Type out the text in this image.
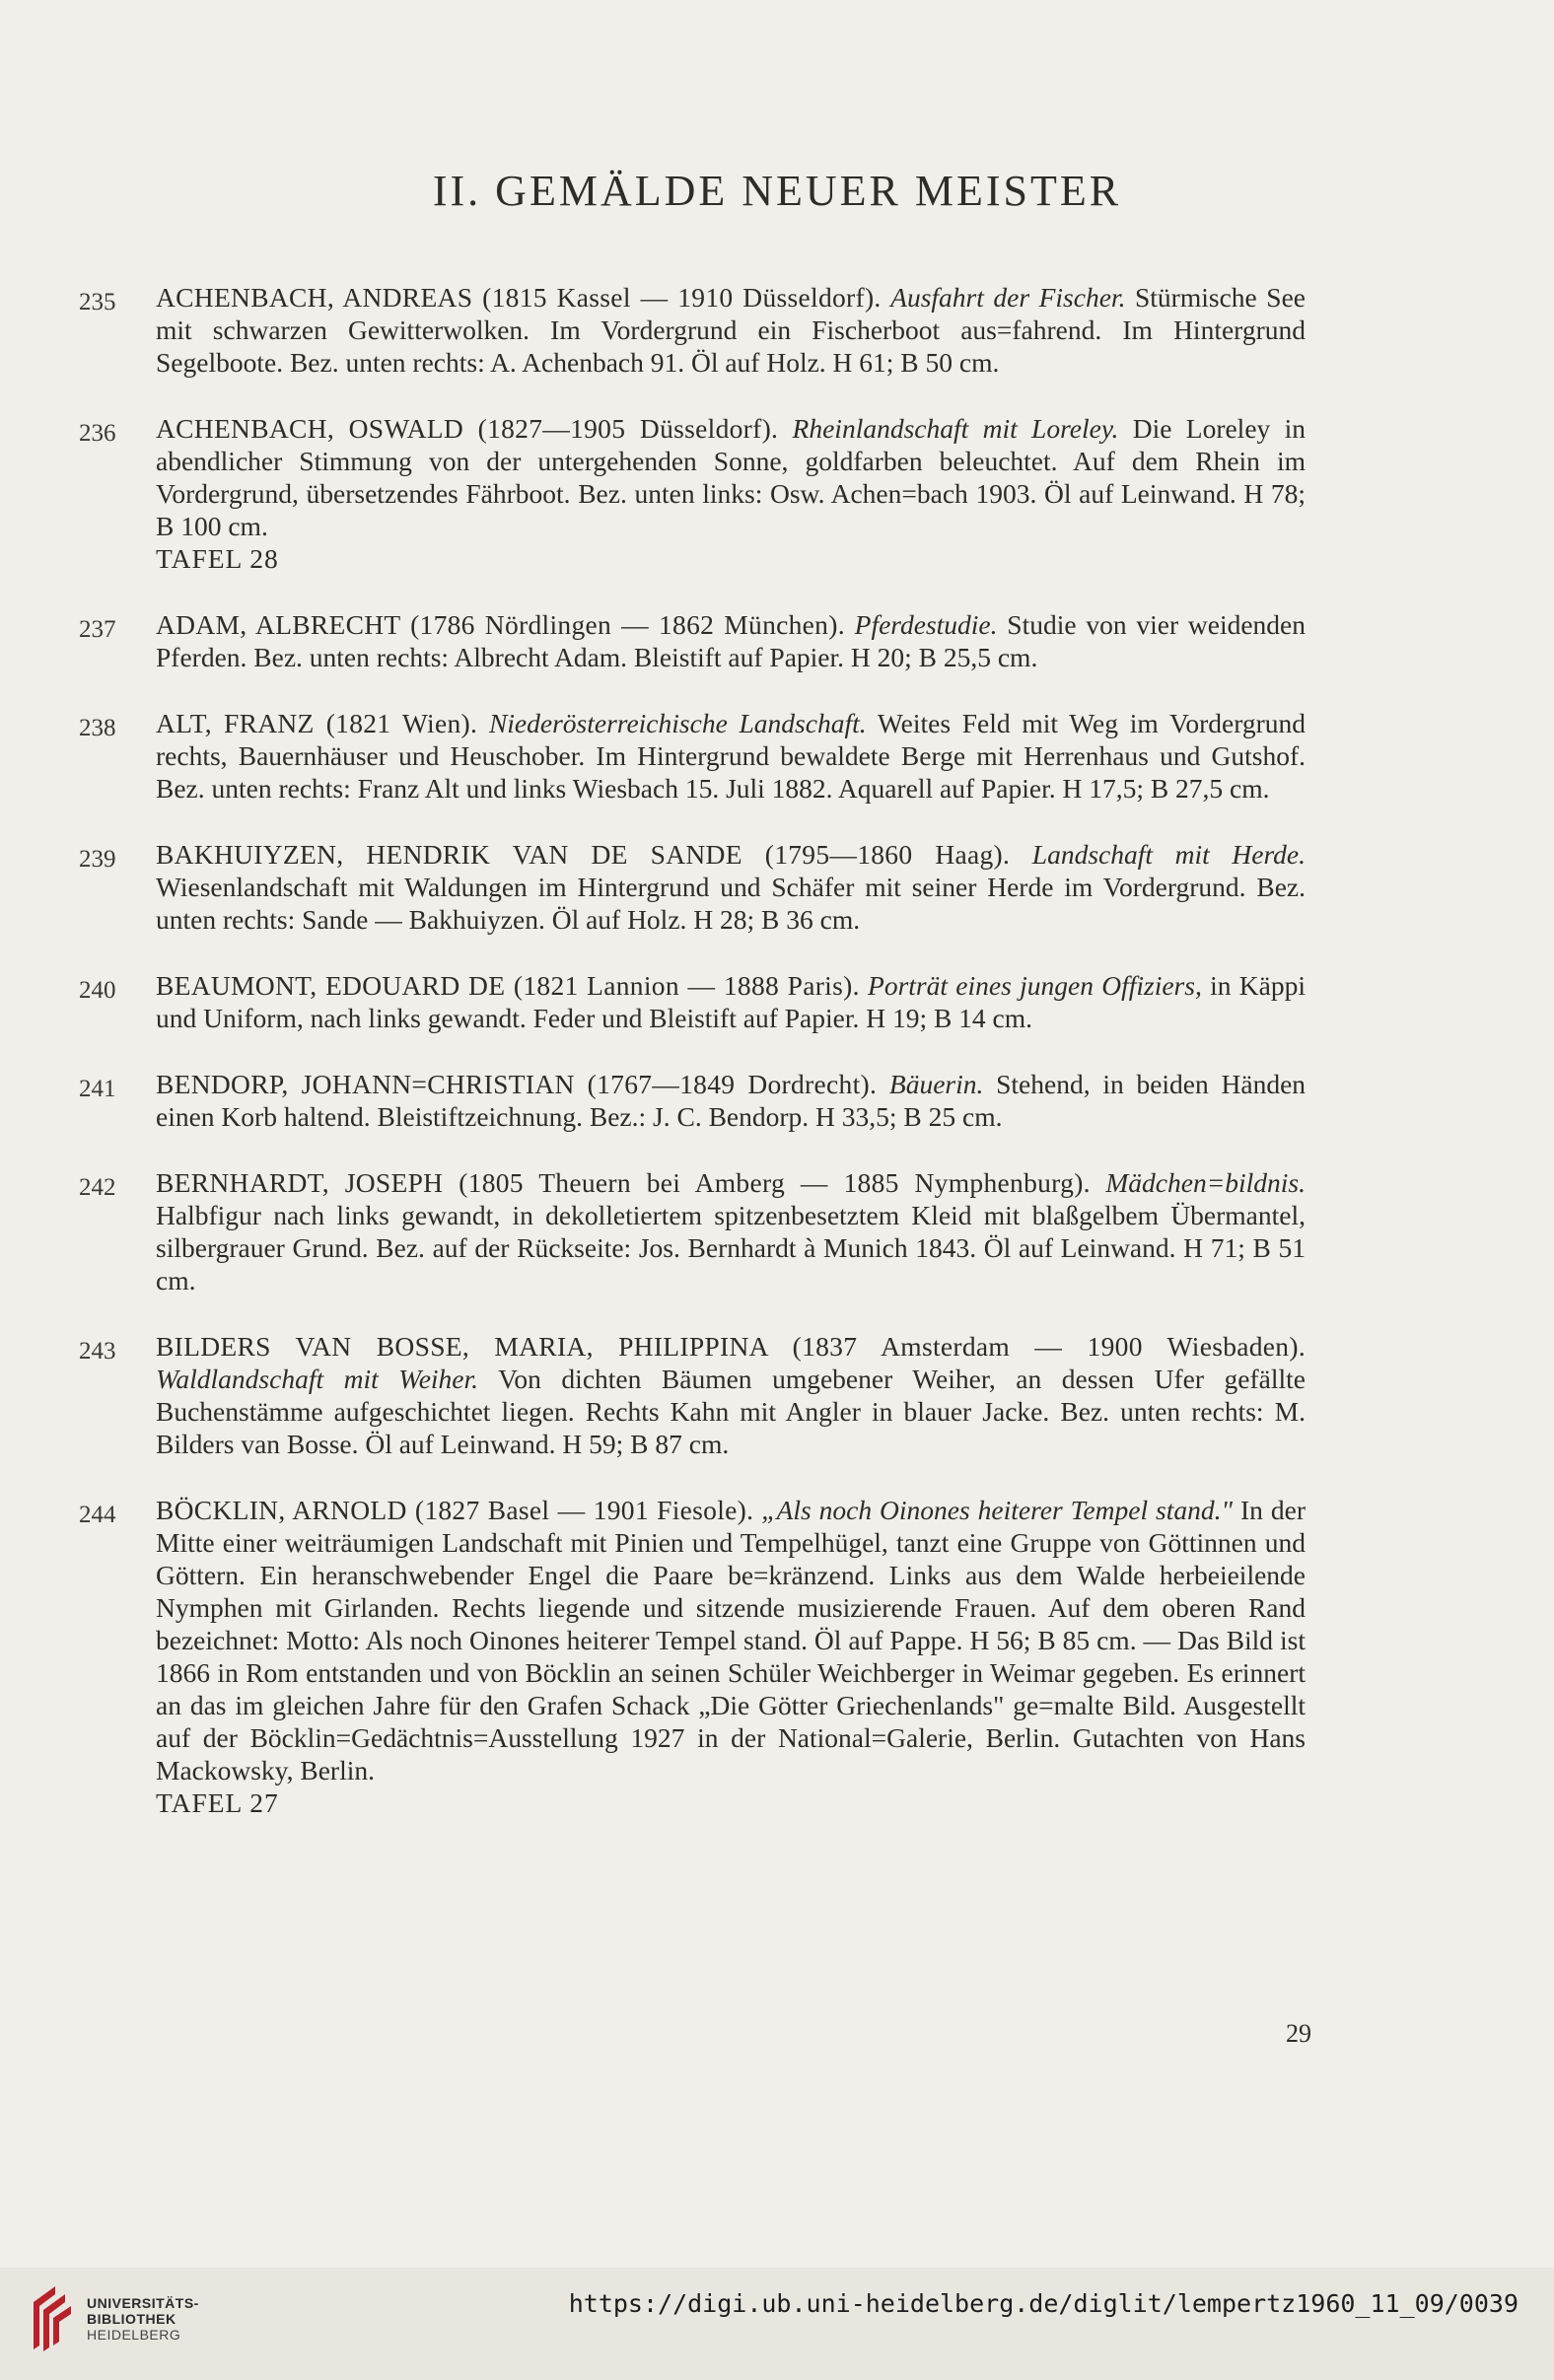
II. GEMÄLDE NEUER MEISTER
235	ACHENBACH, ANDREAS (1815 Kassel — 1910 Düsseldorf). Ausfahrt der Fischer. Stürmische See mit schwarzen Gewitterwolken. Im Vordergrund ein Fischerboot aus=fahrend. Im Hintergrund Segelboote. Bez. unten rechts: A. Achenbach 91. Öl auf Holz. H 61; B 50 cm.
236	ACHENBACH, OSWALD (1827—1905 Düsseldorf). Rheinlandschaft mit Loreley. Die Loreley in abendlicher Stimmung von der untergehenden Sonne, goldfarben beleuchtet. Auf dem Rhein im Vordergrund, übersetzendes Fährboot. Bez. unten links: Osw. Achen=bach 1903. Öl auf Leinwand. H 78; B 100 cm.
TAFEL 28
237	ADAM, ALBRECHT (1786 Nördlingen — 1862 München). Pferdestudie. Studie von vier weidenden Pferden. Bez. unten rechts: Albrecht Adam. Bleistift auf Papier. H 20; B 25,5 cm.
238	ALT, FRANZ (1821 Wien). Niederösterreichische Landschaft. Weites Feld mit Weg im Vordergrund rechts, Bauernhäuser und Heuschober. Im Hintergrund bewaldete Berge mit Herrenhaus und Gutshof. Bez. unten rechts: Franz Alt und links Wiesbach 15. Juli 1882. Aquarell auf Papier. H 17,5; B 27,5 cm.
239	BAKHUIYZEN, HENDRIK VAN DE SANDE (1795—1860 Haag). Landschaft mit Herde. Wiesenlandschaft mit Waldungen im Hintergrund und Schäfer mit seiner Herde im Vordergrund. Bez. unten rechts: Sande — Bakhuiyzen. Öl auf Holz. H 28; B 36 cm.
240	BEAUMONT, EDOUARD DE (1821 Lannion — 1888 Paris). Porträt eines jungen Offiziers, in Käppi und Uniform, nach links gewandt. Feder und Bleistift auf Papier. H 19; B 14 cm.
241	BENDORP, JOHANN=CHRISTIAN (1767—1849 Dordrecht). Bäuerin. Stehend, in beiden Händen einen Korb haltend. Bleistiftzeichnung. Bez.: J. C. Bendorp. H 33,5; B 25 cm.
242	BERNHARDT, JOSEPH (1805 Theuern bei Amberg — 1885 Nymphenburg). Mädchen=bildnis. Halbfigur nach links gewandt, in dekolletiertem spitzenbesetztem Kleid mit blaßgelbem Übermantel, silbergrauer Grund. Bez. auf der Rückseite: Jos. Bernhardt à Munich 1843. Öl auf Leinwand. H 71; B 51 cm.
243	BILDERS VAN BOSSE, MARIA, PHILIPPINA (1837 Amsterdam — 1900 Wiesbaden). Waldlandschaft mit Weiher. Von dichten Bäumen umgebener Weiher, an dessen Ufer gefällte Buchenstämme aufgeschichtet liegen. Rechts Kahn mit Angler in blauer Jacke. Bez. unten rechts: M. Bilders van Bosse. Öl auf Leinwand. H 59; B 87 cm.
244	BÖCKLIN, ARNOLD (1827 Basel — 1901 Fiesole). „Als noch Oinones heiterer Tempel stand." In der Mitte einer weiträumigen Landschaft mit Pinien und Tempelhügel, tanzt eine Gruppe von Göttinnen und Göttern. Ein heranschwebender Engel die Paare be=kränzend. Links aus dem Walde herbeieilende Nymphen mit Girlanden. Rechts liegende und sitzende musizierende Frauen. Auf dem oberen Rand bezeichnet: Motto: Als noch Oinones heiterer Tempel stand. Öl auf Pappe. H 56; B 85 cm. — Das Bild ist 1866 in Rom entstanden und von Böcklin an seinen Schüler Weichberger in Weimar gegeben. Es erinnert an das im gleichen Jahre für den Grafen Schack „Die Götter Griechenlands" ge=malte Bild. Ausgestellt auf der Böcklin=Gedächtnis=Ausstellung 1927 in der National=Galerie, Berlin. Gutachten von Hans Mackowsky, Berlin.
TAFEL 27
29
UNIVERSITÄTS-
BIBLIOTHEK
HEIDELBERG
https://digi.ub.uni-heidelberg.de/diglit/lempertz1960_11_09/0039
